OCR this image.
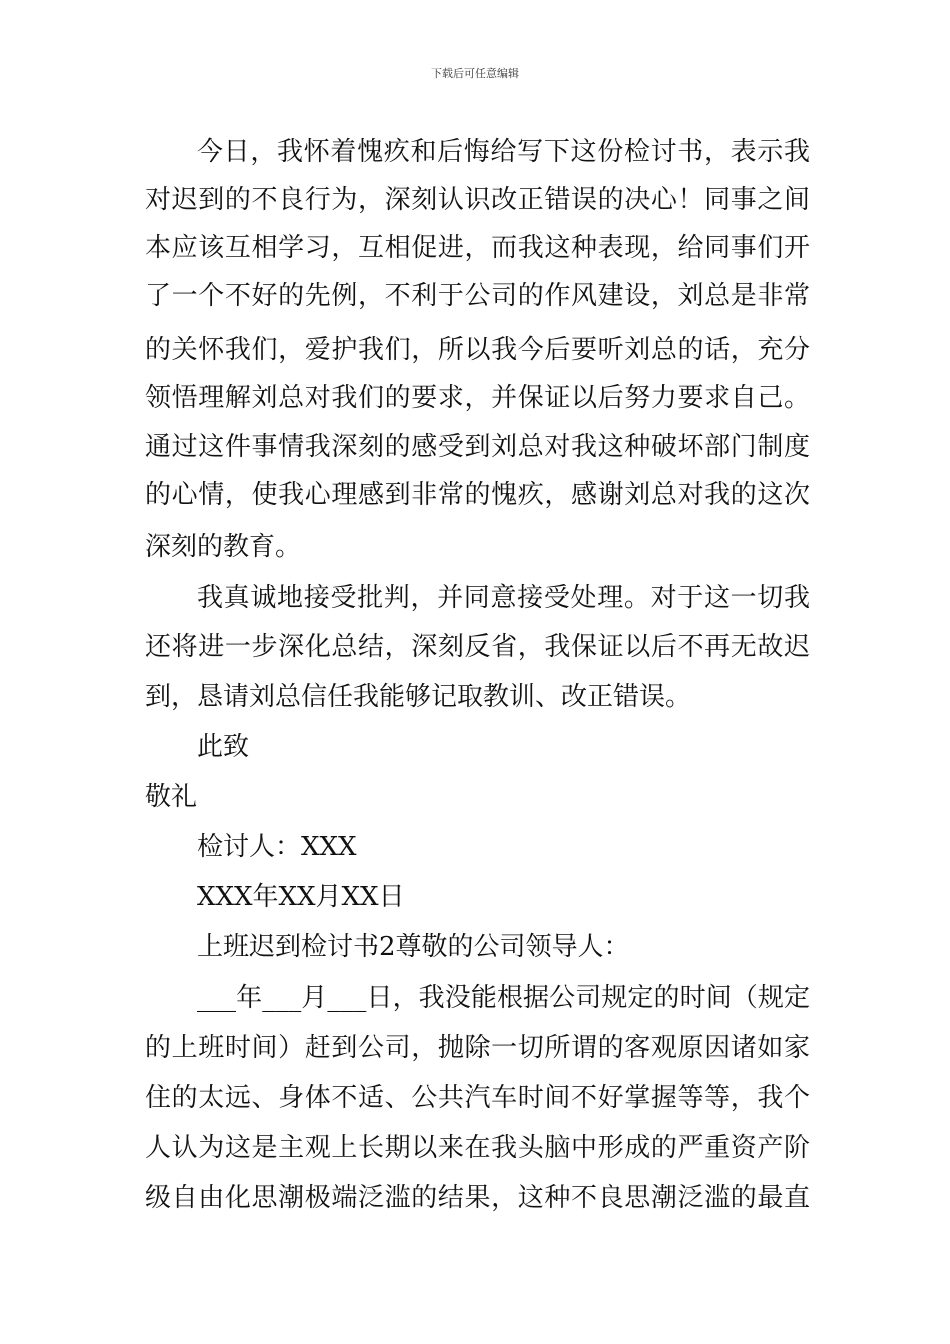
下载后可任意编辑
今日，我怀着愧疚和后悔给写下这份检讨书，表示我
对迟到的不良行为，深刻认识改正错误的决心！同事之间
本应该互相学习，互相促进，而我这种表现，给同事们开
了一个不好的先例，不利于公司的作风建设，刘总是非常
的关怀我们，爱护我们，所以我今后要听刘总的话，充分
领悟理解刘总对我们的要求，并保证以后努力要求自己。
通过这件事情我深刻的感受到刘总对我这种破坏部门制度
的心情，使我心理感到非常的愧疚，感谢刘总对我的这次
深刻的教育。
我真诚地接受批判，并同意接受处理。对于这一切我
还将进一步深化总结，深刻反省，我保证以后不再无故迟
到，恳请刘总信任我能够记取教训、改正错误。
此致
敬礼
检讨人：XXX
XXX年XX月XX日
上班迟到检讨书2尊敬的公司领导人：
___年___月___日，我没能根据公司规定的时间（规定
的上班时间）赶到公司，抛除一切所谓的客观原因诸如家
住的太远、身体不适、公共汽车时间不好掌握等等，我个
人认为这是主观上长期以来在我头脑中形成的严重资产阶
级自由化思潮极端泛滥的结果，这种不良思潮泛滥的最直
